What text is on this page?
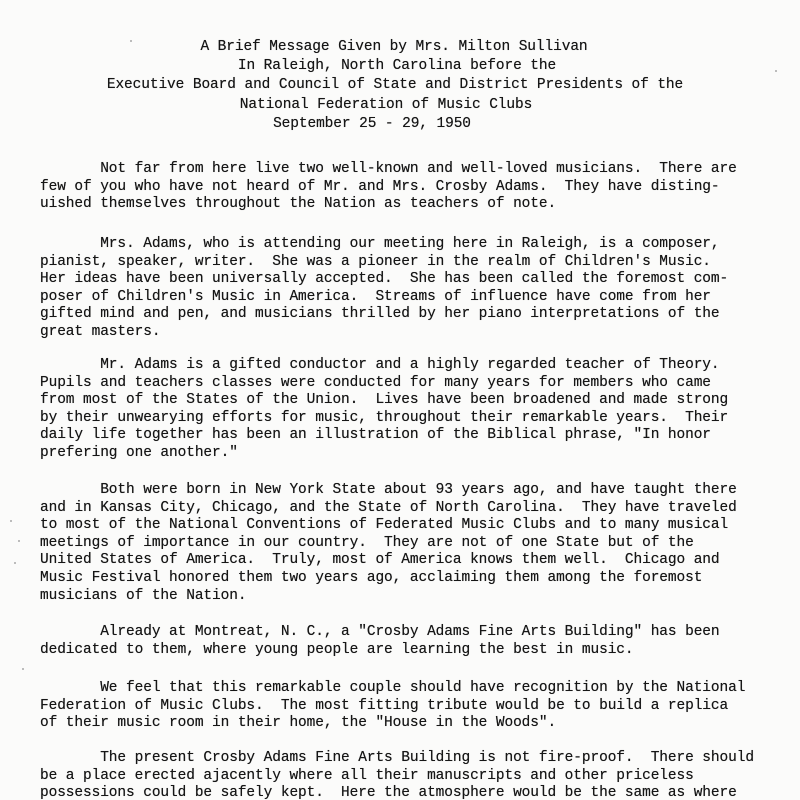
A Brief Message Given by Mrs. Milton Sullivan
In Raleigh, North Carolina before the
Executive Board and Council of State and District Presidents of the
National Federation of Music Clubs
September 25 - 29, 1950
Not far from here live two well-known and well-loved musicians.  There are
few of you who have not heard of Mr. and Mrs. Crosby Adams.  They have disting-
uished themselves throughout the Nation as teachers of note.
Mrs. Adams, who is attending our meeting here in Raleigh, is a composer,
pianist, speaker, writer.  She was a pioneer in the realm of Children's Music.
Her ideas have been universally accepted.  She has been called the foremost com-
poser of Children's Music in America.  Streams of influence have come from her
gifted mind and pen, and musicians thrilled by her piano interpretations of the
great masters.
Mr. Adams is a gifted conductor and a highly regarded teacher of Theory.
Pupils and teachers classes were conducted for many years for members who came
from most of the States of the Union.  Lives have been broadened and made strong
by their unwearying efforts for music, throughout their remarkable years.  Their
daily life together has been an illustration of the Biblical phrase, "In honor
prefering one another."
Both were born in New York State about 93 years ago, and have taught there
and in Kansas City, Chicago, and the State of North Carolina.  They have traveled
to most of the National Conventions of Federated Music Clubs and to many musical
meetings of importance in our country.  They are not of one State but of the
United States of America.  Truly, most of America knows them well.  Chicago and
Music Festival honored them two years ago, acclaiming them among the foremost
musicians of the Nation.
Already at Montreat, N. C., a "Crosby Adams Fine Arts Building" has been
dedicated to them, where young people are learning the best in music.
We feel that this remarkable couple should have recognition by the National
Federation of Music Clubs.  The most fitting tribute would be to build a replica
of their music room in their home, the "House in the Woods".
The present Crosby Adams Fine Arts Building is not fire-proof.  There should
be a place erected ajacently where all their manuscripts and other priceless
possessions could be safely kept.  Here the atmosphere would be the same as where
